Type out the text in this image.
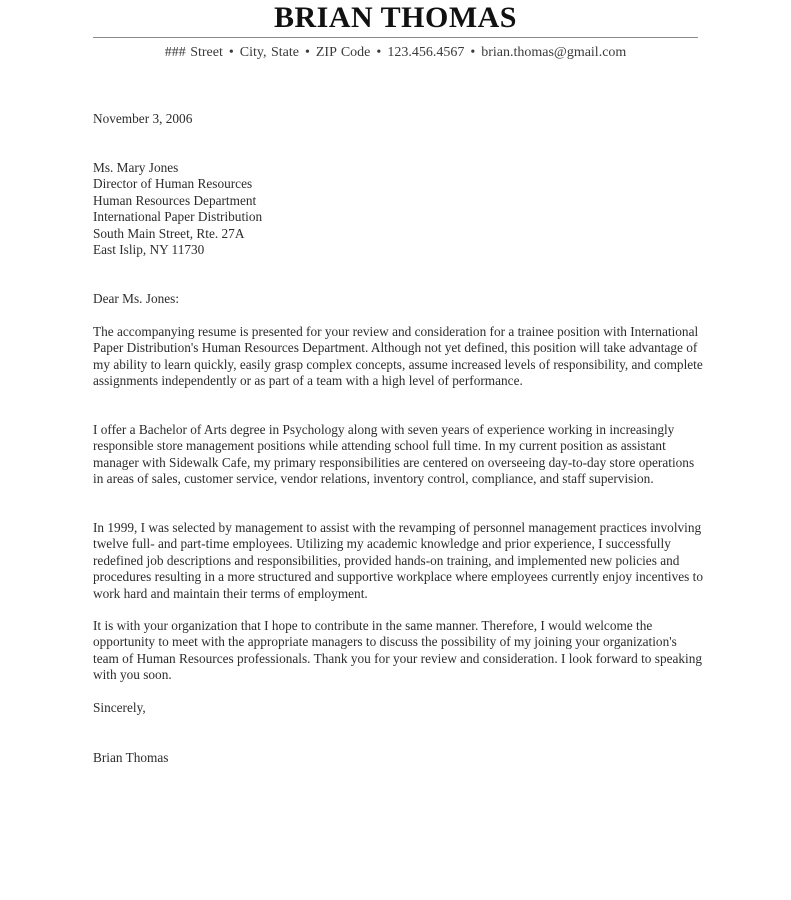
BRIAN THOMAS
### Street • City, State • ZIP Code • 123.456.4567 • brian.thomas@gmail.com
November 3, 2006
Ms. Mary Jones
Director of Human Resources
Human Resources Department
International Paper Distribution
South Main Street, Rte. 27A
East Islip, NY 11730
Dear Ms. Jones:

The accompanying resume is presented for your review and consideration for a trainee position with International Paper Distribution's Human Resources Department. Although not yet defined, this position will take advantage of my ability to learn quickly, easily grasp complex concepts, assume increased levels of responsibility, and complete assignments independently or as part of a team with a high level of performance.

I offer a Bachelor of Arts degree in Psychology along with seven years of experience working in increasingly responsible store management positions while attending school full time. In my current position as assistant manager with Sidewalk Cafe, my primary responsibilities are centered on overseeing day-to-day store operations in areas of sales, customer service, vendor relations, inventory control, compliance, and staff supervision.

In 1999, I was selected by management to assist with the revamping of personnel management practices involving twelve full- and part-time employees. Utilizing my academic knowledge and prior experience, I successfully redefined job descriptions and responsibilities, provided hands-on training, and implemented new policies and procedures resulting in a more structured and supportive workplace where employees currently enjoy incentives to work hard and maintain their terms of employment.

It is with your organization that I hope to contribute in the same manner. Therefore, I would welcome the opportunity to meet with the appropriate managers to discuss the possibility of my joining your organization's team of Human Resources professionals. Thank you for your review and consideration. I look forward to speaking with you soon.

Sincerely,
Brian Thomas
